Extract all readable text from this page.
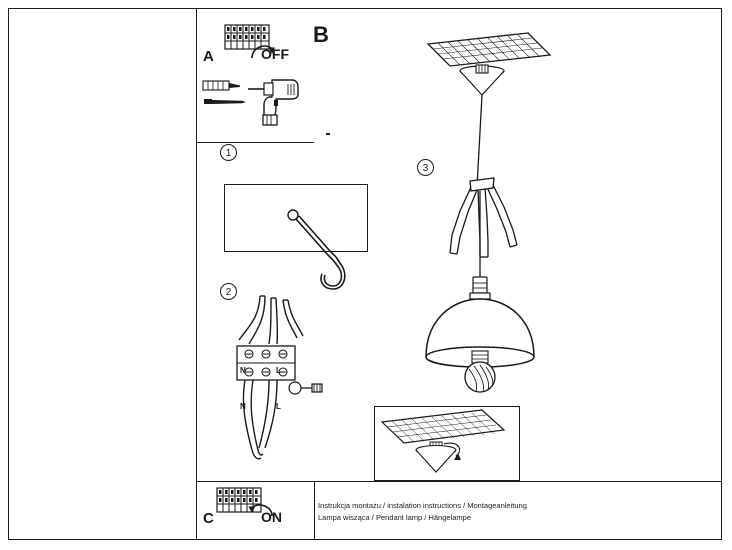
A	OFF
1
2
N	L
N	L
C	ON
B
3
Instrukcja montażu / instalation instructions / Montageanleitung
Lampa wisząca / Pendant lamp / Hängelampe
